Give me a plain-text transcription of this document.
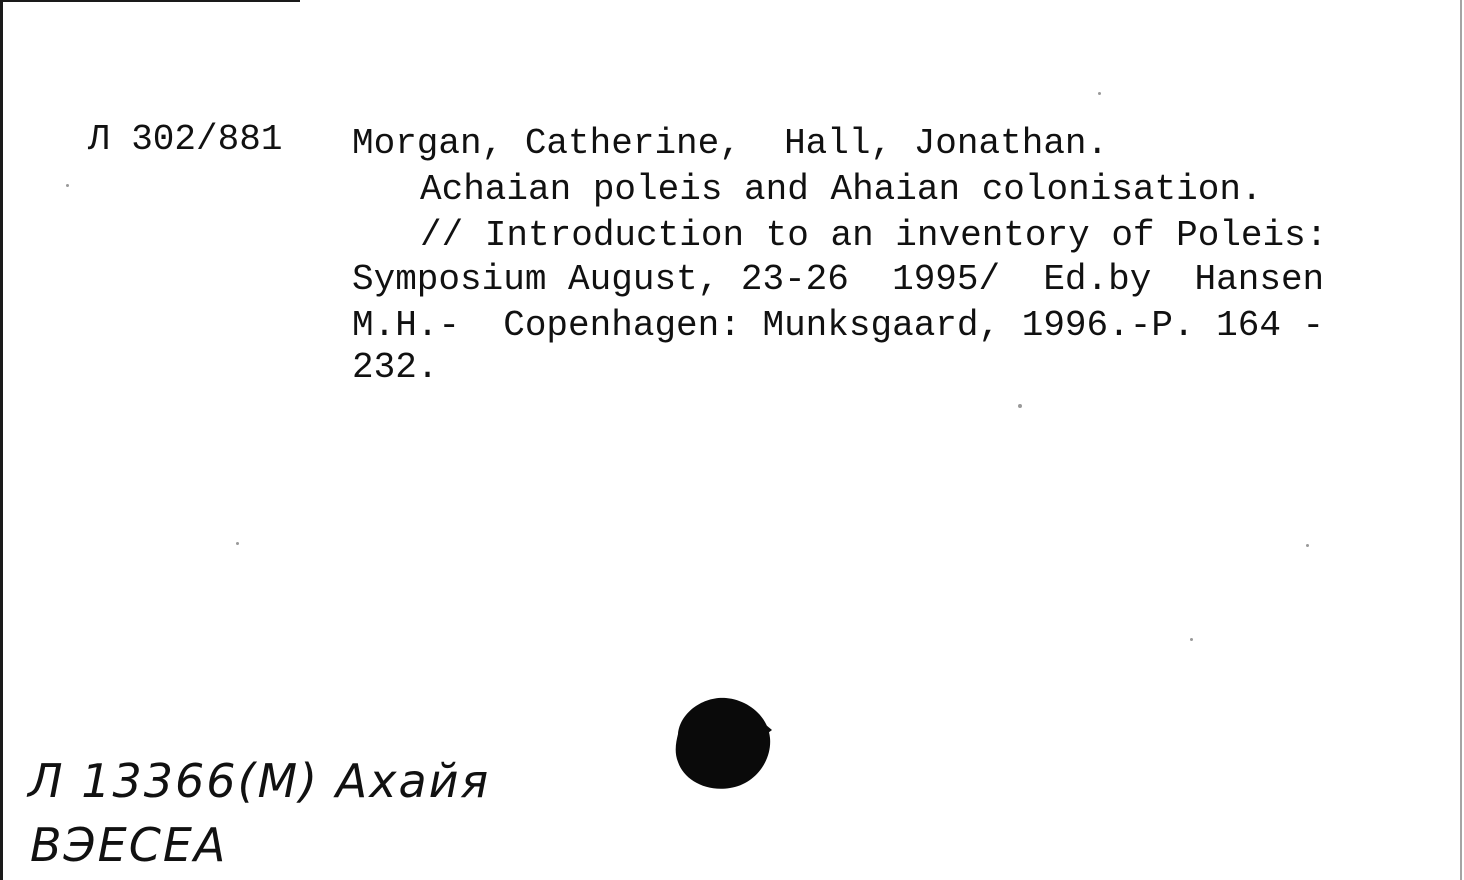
Л 302/881 Morgan, Catherine,  Hall, Jonathan.
Achaian poleis and Ahaian colonisation.
// Introduction to an inventory of Poleis:
Symposium August, 23-26  1995/  Ed.by  Hansen
M.H.-  Copenhagen: Munksgaard, 1996.-P. 164 -
232.
Л 13366(М) Ахайя
ВЭЕСЕА
